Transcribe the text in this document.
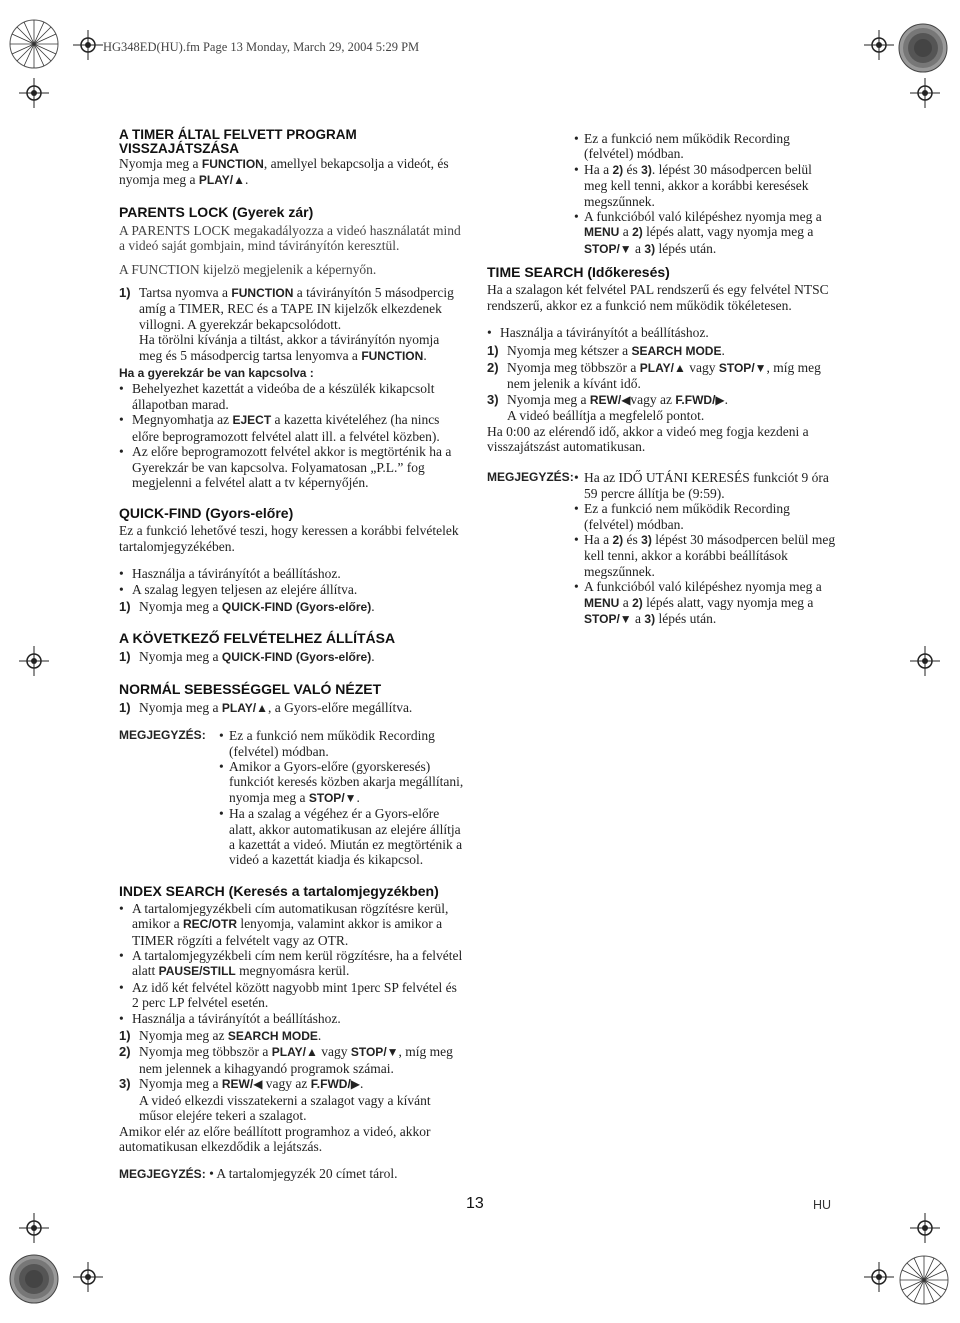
HG348ED(HU).fm Page 13 Monday, March 29, 2004 5:29 PM
A TIMER ÁLTAL FELVETT PROGRAM VISSZAJÁTSZÁSA

Nyomja meg a FUNCTION, amellyel bekapcsolja a videót, és nyomja meg a PLAY/▲.

PARENTS LOCK (Gyerek zár)

A PARENTS LOCK megakadályozza a videó használatát mind a videó saját gombjain, mind távirányítón keresztül.

A FUNCTION kijelzö megjelenik a képernyőn.

1) Tartsa nyomva a FUNCTION a távirányítón 5 másodpercig amíg a TIMER, REC és a TAPE IN kijelzők elkezdenek villogni. A gyerekzár bekapcsolódott.
Ha törölni kívánja a tiltást, akkor a távirányítón nyomja meg és 5 másodpercig tartsa lenyomva a FUNCTION.
Ha a gyerekzár be van kapcsolva :
• Behelyezhet kazettát a videóba de a készülék kikapcsolt állapotban marad.
• Megnyomhatja az EJECT a kazetta kivételéhez (ha nincs előre beprogramozott felvétel alatt ill. a felvétel közben).
• Az előre beprogramozott felvétel akkor is megtörténik ha a Gyerekzár be van kapcsolva. Folyamatosan „P.L.” fog megjelenni a felvétel alatt a tv képernyőjén.
QUICK-FIND (Gyors-előre)

Ez a funkció lehetővé teszi, hogy keressen a korábbi felvételek tartalomjegyzékében.

• Használja a távirányítót a beállításhoz.
• A szalag legyen teljesen az elejére állítva.
1) Nyomja meg a QUICK-FIND (Gyors-előre).
A KÖVETKEZŐ FELVÉTELHEZ ÁLLÍTÁSA
1) Nyomja meg a QUICK-FIND (Gyors-előre).
NORMÁL SEBESSÉGGEL VALÓ NÉZET
1) Nyomja meg a PLAY/▲, a Gyors-előre megállítva.
MEGJEGYZÉS:	• Ez a funkció nem működik Recording (felvétel) módban.
• Amikor a Gyors-előre (gyorskeresés) funkciót keresés közben akarja megállítani, nyomja meg a STOP/▼.
• Ha a szalag a végéhez ér a Gyors-előre alatt, akkor automatikusan az elejére állítja a kazettát a videó. Miután ez megtörténik a videó a kazettát kiadja és kikapcsol.
INDEX SEARCH (Keresés a tartalomjegyzékben)
• A tartalomjegyzékbeli cím automatikusan rögzítésre kerül, amikor a REC/OTR lenyomja, valamint akkor is amikor a TIMER rögzíti a felvételt vagy az OTR.
• A tartalomjegyzékbeli cím nem kerül rögzítésre, ha a felvétel alatt PAUSE/STILL megnyomásra kerül.
• Az idő két felvétel között nagyobb mint 1perc SP felvétel és 2 perc LP felvétel esetén.
• Használja a távirányítót a beállításhoz.
1) Nyomja meg az SEARCH MODE.
2) Nyomja meg többször a PLAY/▲ vagy STOP/▼, míg meg nem jelennek a kihagyandó programok számai.
3) Nyomja meg a REW/◀ vagy az F.FWD/▶.
A videó elkezdi visszatekerni a szalagot vagy a kívánt műsor elejére tekeri a szalagot.

Amikor elér az előre beállított programhoz a videó, akkor automatikusan elkezdődik a lejátszás.

MEGJEGYZÉS: • A tartalomjegyzék 20 címet tárol.
• Ez a funkció nem működik Recording (felvétel) módban.
• Ha a 2) és 3). lépést 30 másodpercen belül meg kell tenni, akkor a korábbi keresések megszűnnek.
• A funkcióból való kilépéshez nyomja meg a MENU a 2) lépés alatt, vagy nyomja meg a STOP/▼ a 3) lépés után.
TIME SEARCH (Időkeresés)

Ha a szalagon két felvétel PAL rendszerű és egy felvétel NTSC rendszerű, akkor ez a funkció nem működik tökéletesen.

• Használja a távirányítót a beállításhoz.
1) Nyomja meg kétszer a SEARCH MODE.
2) Nyomja meg többször a PLAY/▲ vagy STOP/▼, míg meg nem jelenik a kívánt idő.
3) Nyomja meg a REW/◀vagy az F.FWD/▶.
A videó beállítja a megfelelő pontot.

Ha 0:00 az elérendő idő, akkor a videó meg fogja kezdeni a visszajátszást automatikusan.

MEGJEGYZÉS: • Ha az IDŐ UTÁNI KERESÉS funkciót 9 óra 59 percre állítja be (9:59).
• Ez a funkció nem működik Recording (felvétel) módban.
• Ha a 2) és 3) lépést 30 másodpercen belül meg kell tenni, akkor a korábbi beállítások megszűnnek.
• A funkcióból való kilépéshez nyomja meg a MENU a 2) lépés alatt, vagy nyomja meg a STOP/▼ a 3) lépés után.
13	HU
